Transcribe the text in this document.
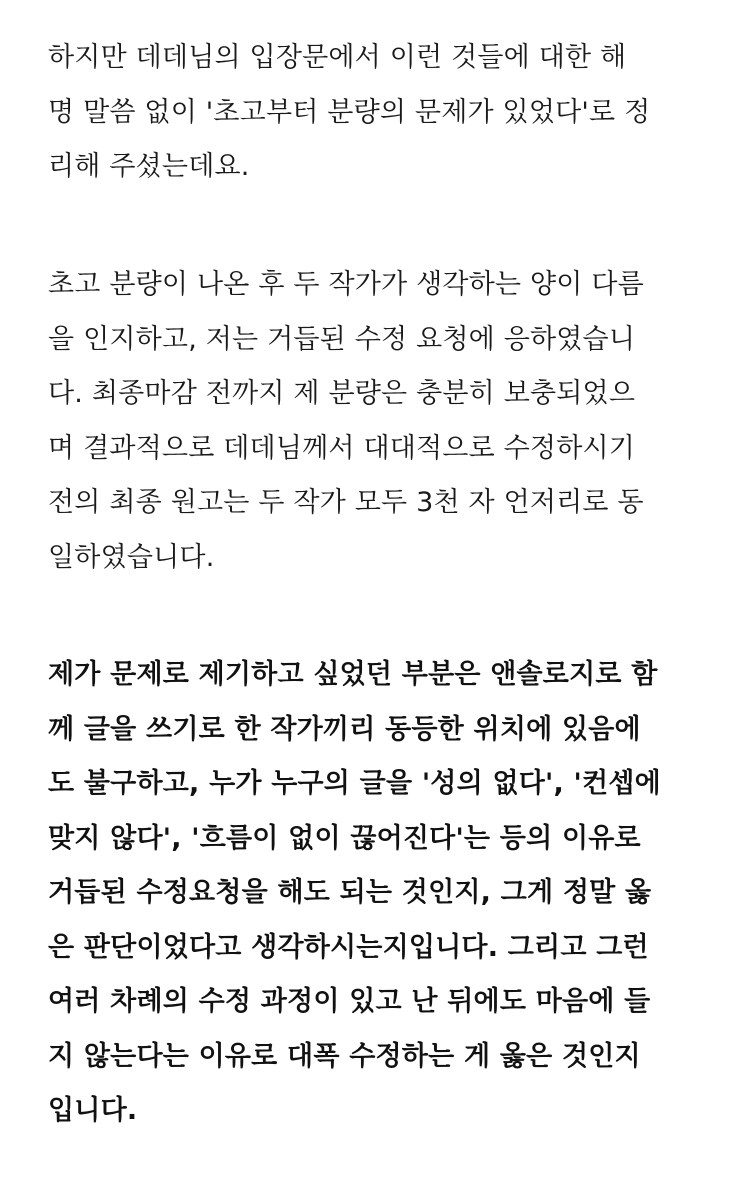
하지만 데데님의 입장문에서 이런 것들에 대한 해
명 말씀 없이 '초고부터 분량의 문제가 있었다'로 정
리해 주셨는데요.
초고 분량이 나온 후 두 작가가 생각하는 양이 다름
을 인지하고, 저는 거듭된 수정 요청에 응하였습니
다. 최종마감 전까지 제 분량은 충분히 보충되었으
며 결과적으로 데데님께서 대대적으로 수정하시기
전의 최종 원고는 두 작가 모두 3천 자 언저리로 동
일하였습니다.
제가 문제로 제기하고 싶었던 부분은 앤솔로지로 함
께 글을 쓰기로 한 작가끼리 동등한 위치에 있음에
도 불구하고, 누가 누구의 글을 '성의 없다', '컨셉에
맞지 않다', '흐름이 없이 끊어진다'는 등의 이유로
거듭된 수정요청을 해도 되는 것인지, 그게 정말 옳
은 판단이었다고 생각하시는지입니다. 그리고 그런
여러 차례의 수정 과정이 있고 난 뒤에도 마음에 들
지 않는다는 이유로 대폭 수정하는 게 옳은 것인지
입니다.
